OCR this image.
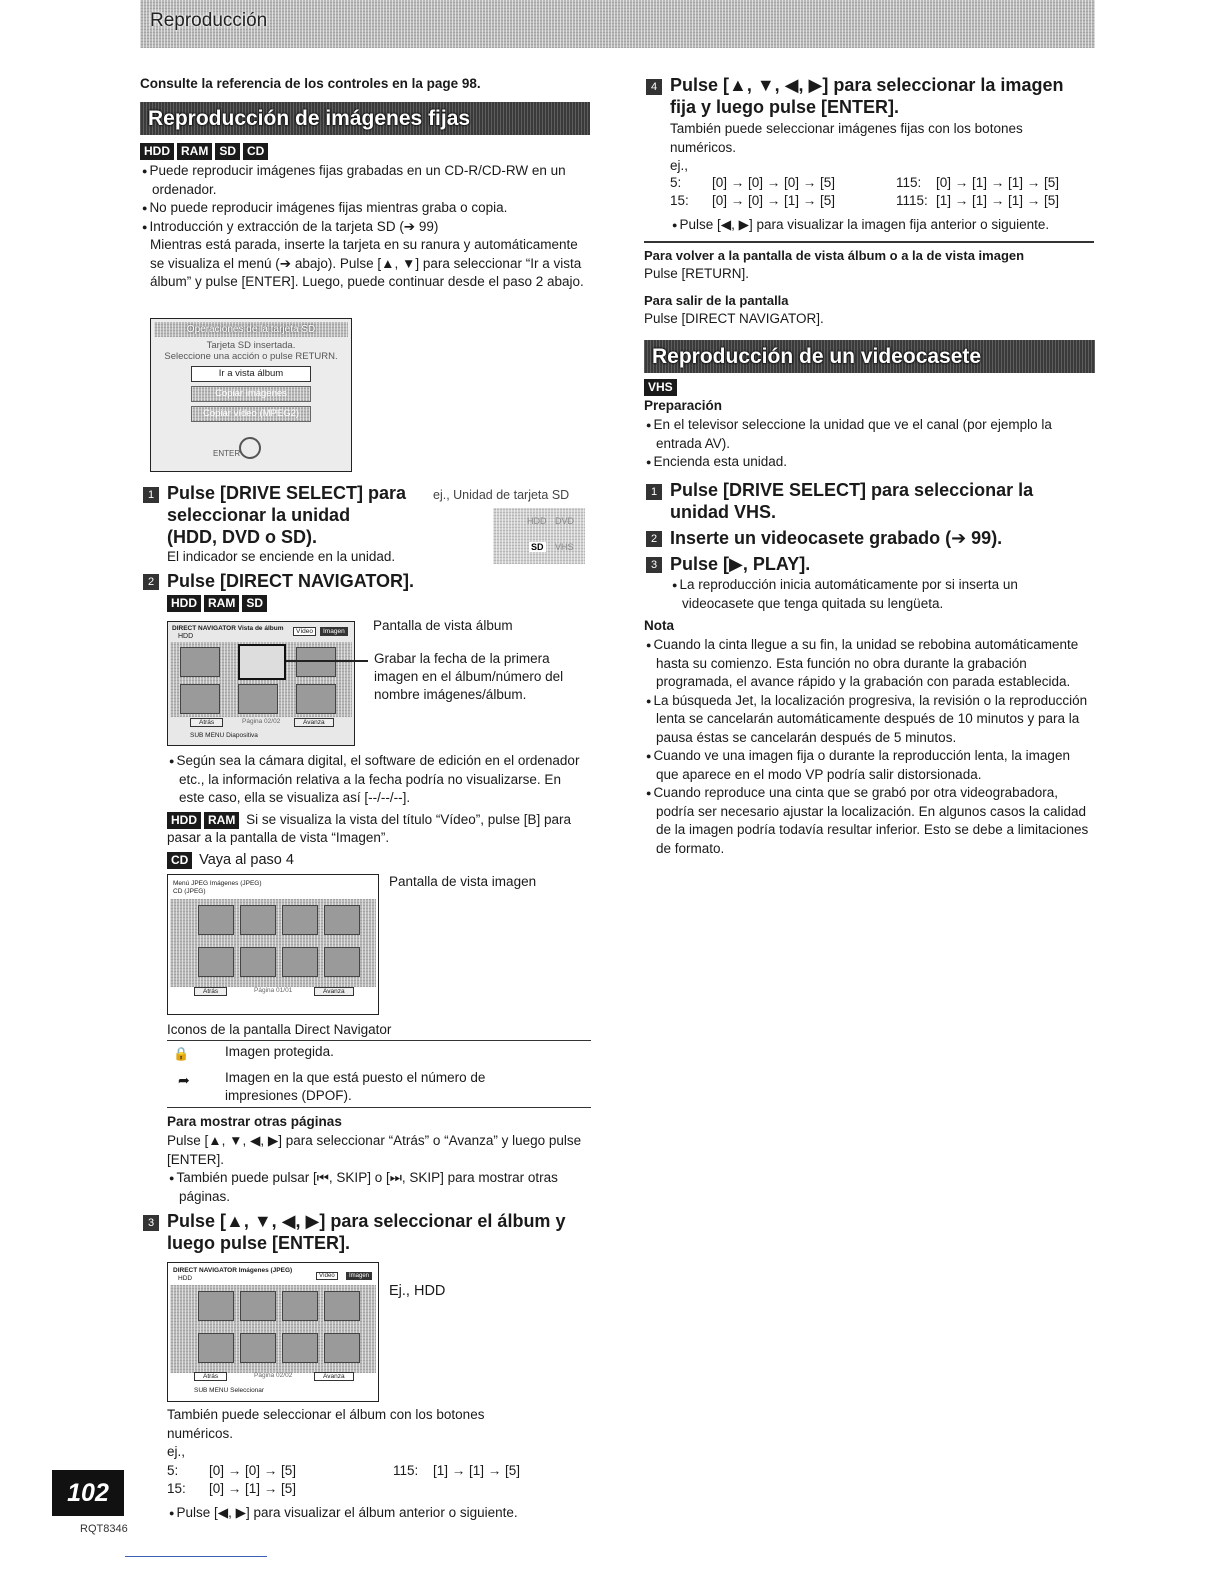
Reproducción
Consulte la referencia de los controles en la page 98.
Reproducción de imágenes fijas
HDD RAM SD CD

● Puede reproducir imágenes fijas grabadas en un CD-R/CD-RW en un ordenador.

● No puede reproducir imágenes fijas mientras graba o copia.

● Introducción y extracción de la tarjeta SD (➔ 99)

Mientras está parada, inserte la tarjeta en su ranura y automáticamente se visualiza el menú (➔ abajo). Pulse [▲, ▼] para seleccionar “Ir a vista álbum” y pulse [ENTER]. Luego, puede continuar desde el paso 2 abajo.

Operaciones de la tarjeta SD
Tarjeta SD insertada.
Seleccione una acción o pulse RETURN.
Ir a vista álbum
Copiar imágenes
Copiar vídeo (MPEG2)
ENTER
1 Pulse [DRIVE SELECT] para
seleccionar la unidad
(HDD, DVD o SD).
ej., Unidad de tarjeta SD
El indicador se enciende en la unidad.
HDD DVD
SD VHS
2 Pulse [DIRECT NAVIGATOR].
HDD RAM SD
DIRECT NAVIGATOR Vista de álbum
HDD
Vídeo	Imagen
Atrás	Página 02/02	Avanza
SUB MENU Diapositiva
Pantalla de vista álbum
Grabar la fecha de la primera imagen en el álbum/número del nombre imágenes/álbum.

● Según sea la cámara digital, el software de edición en el ordenador etc., la información relativa a la fecha podría no visualizarse. En este caso, ella se visualiza así [--/--/--].

HDD RAM Si se visualiza la vista del título “Vídeo”, pulse [B] para pasar a la pantalla de vista “Imagen”.
CD Vaya al paso 4
Menú JPEG Imágenes (JPEG)
CD (JPEG)
Atrás	Página 01/01	Avanza
Pantalla de vista imagen
Iconos de la pantalla Direct Navigator
🔒	Imagen protegida.
➦	Imagen en la que está puesto el número de impresiones (DPOF).
Para mostrar otras páginas

Pulse [▲, ▼, ◀, ▶] para seleccionar “Atrás” o “Avanza” y luego pulse [ENTER].

● También puede pulsar [⏮, SKIP] o [⏭, SKIP] para mostrar otras páginas.

3 Pulse [▲, ▼, ◀, ▶] para seleccionar el álbum y
luego pulse [ENTER].
DIRECT NAVIGATOR Imágenes (JPEG)
HDD	Vídeo	Imagen
Atrás	Página 02/02	Avanza
SUB MENU Seleccionar
Ej., HDD

También puede seleccionar el álbum con los botones numéricos.

ej.,

5: [0] → [0] → [5]	115: [1] → [1] → [5]
15: [0] → [1] → [5]

● Pulse [◀, ▶] para visualizar el álbum anterior o siguiente.

102
RQT8346
4 Pulse [▲, ▼, ◀, ▶] para seleccionar la imagen
fija y luego pulse [ENTER].

También puede seleccionar imágenes fijas con los botones numéricos.

ej.,

5: [0] → [0] → [0] → [5]	115: [0] → [1] → [1] → [5]
15: [0] → [0] → [1] → [5]	1115: [1] → [1] → [1] → [5]

● Pulse [◀, ▶] para visualizar la imagen fija anterior o siguiente.

Para volver a la pantalla de vista álbum o a la de vista imagen
Pulse [RETURN].
Para salir de la pantalla
Pulse [DIRECT NAVIGATOR].
Reproducción de un videocasete
VHS
Preparación

● En el televisor seleccione la unidad que ve el canal (por ejemplo la entrada AV).

● Encienda esta unidad.

1 Pulse [DRIVE SELECT] para seleccionar la
unidad VHS.
2 Inserte un videocasete grabado (➔ 99).
3 Pulse [▶, PLAY].

● La reproducción inicia automáticamente por si inserta un videocasete que tenga quitada su lengüeta.

Nota

● Cuando la cinta llegue a su fin, la unidad se rebobina automáticamente hasta su comienzo. Esta función no obra durante la grabación programada, el avance rápido y la grabación con parada establecida.

● La búsqueda Jet, la localización progresiva, la revisión o la reproducción lenta se cancelarán automáticamente después de 10 minutos y para la pausa éstas se cancelarán después de 5 minutos.

● Cuando ve una imagen fija o durante la reproducción lenta, la imagen que aparece en el modo VP podría salir distorsionada.

● Cuando reproduce una cinta que se grabó por otra videograbadora, podría ser necesario ajustar la localización. En algunos casos la calidad de la imagen podría todavía resultar inferior. Esto se debe a limitaciones de formato.
